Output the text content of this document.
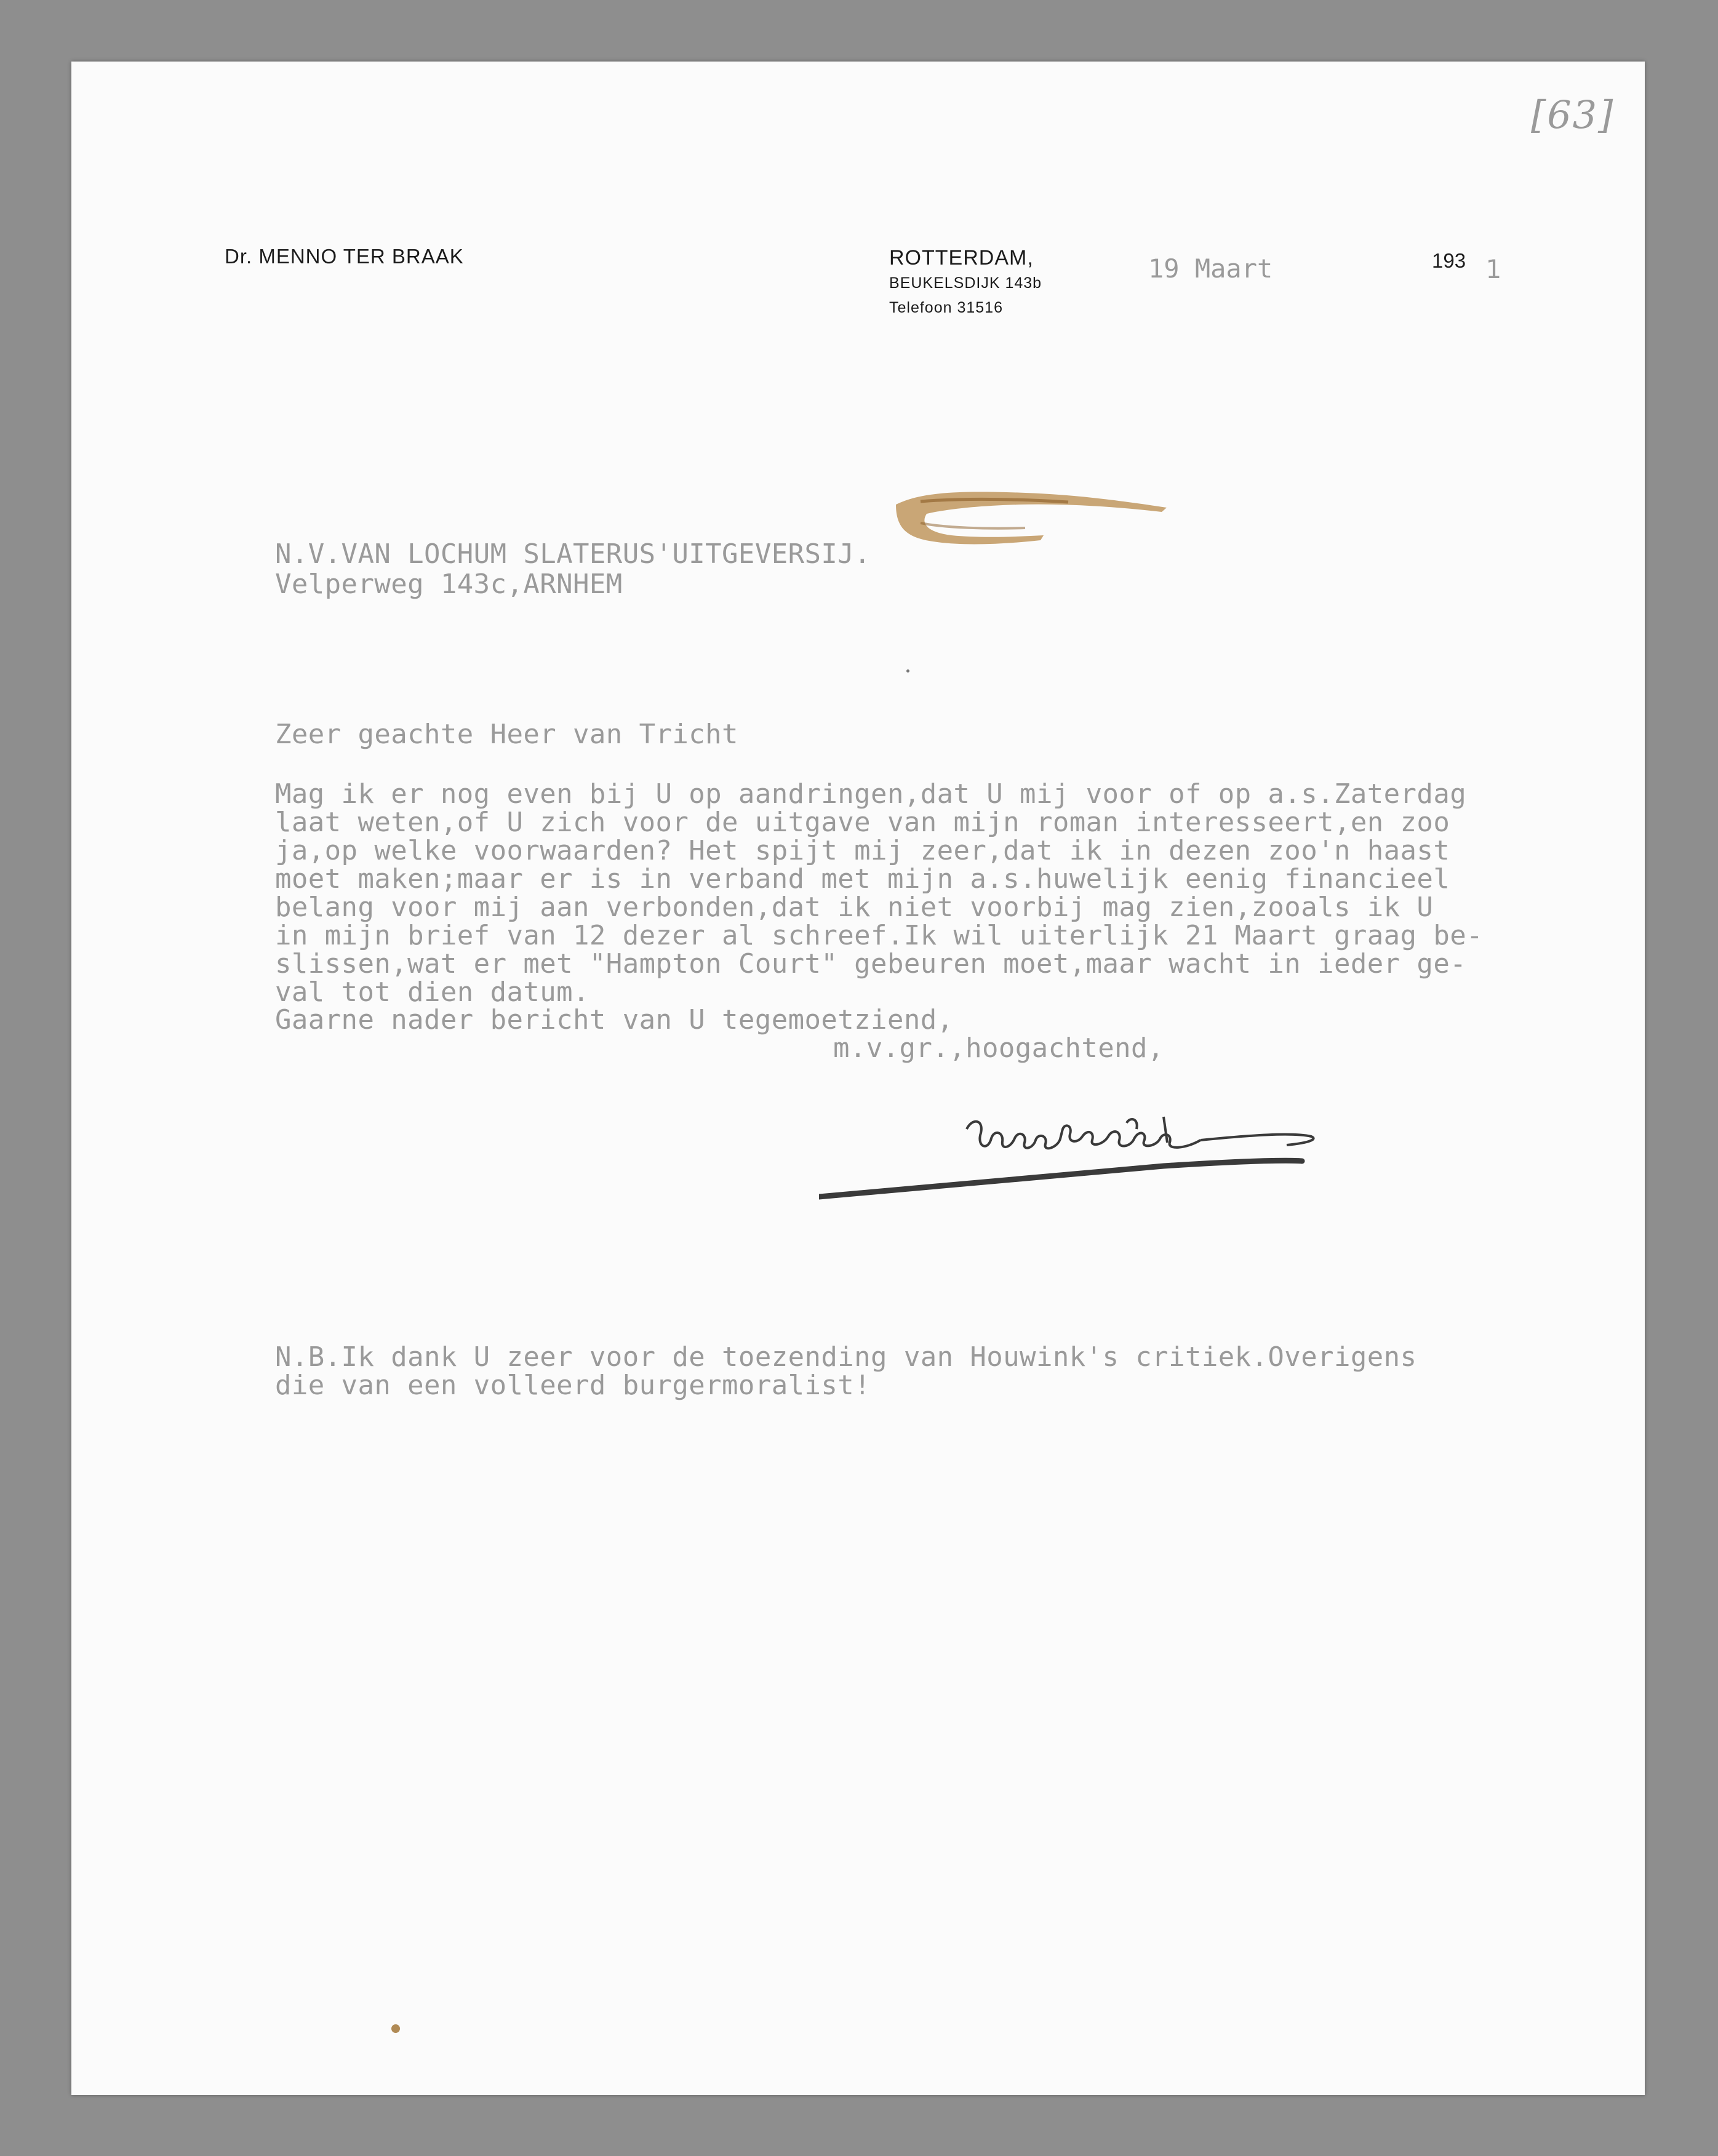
[63]
Dr. MENNO TER BRAAK	ROTTERDAM,
BEUKELSDIJK 143b
Telefoon 31516
193
19 Maart	1
N.V.VAN LOCHUM SLATERUS'UITGEVERSIJ.
Velperweg 143c,ARNHEM
Zeer geachte Heer van Tricht
Mag ik er nog even bij U op aandringen,dat U mij voor of op a.s.Zaterdag
laat weten,of U zich voor de uitgave van mijn roman interesseert,en zoo
ja,op welke voorwaarden? Het spijt mij zeer,dat ik in dezen zoo'n haast
moet maken;maar er is in verband met mijn a.s.huwelijk eenig financieel
belang voor mij aan verbonden,dat ik niet voorbij mag zien,zooals ik U
in mijn brief van 12 dezer al schreef.Ik wil uiterlijk 21 Maart graag be-
slissen,wat er met "Hampton Court" gebeuren moet,maar wacht in ieder ge-
val tot dien datum.
Gaarne nader bericht van U tegemoetziend,
m.v.gr.,hoogachtend,
N.B.Ik dank U zeer voor de toezending van Houwink's critiek.Overigens
die van een volleerd burgermoralist!
